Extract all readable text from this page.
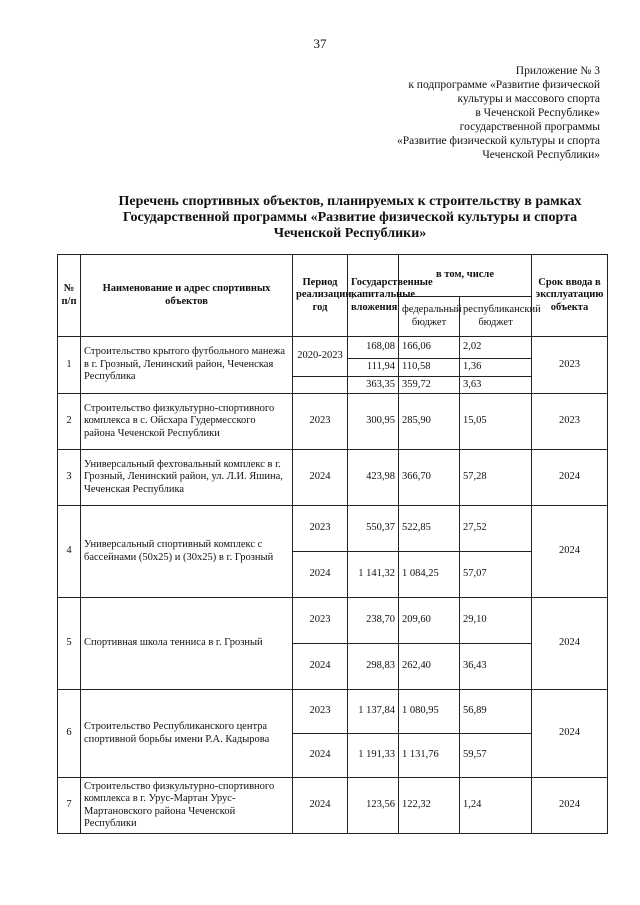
37
Приложение № 3
к подпрограмме «Развитие физической
культуры и массового спорта
в Чеченской Республике»
государственной программы
«Развитие физической культуры и спорта
Чеченской Республики»
Перечень спортивных объектов, планируемых к строительству в рамках
Государственной программы «Развитие физической культуры и спорта
Чеченской Республики»
№ п/п	Наименование и адрес спортивных объектов	Период реализации, год	Государственные капитальные вложения	в том, числе		Срок ввода в эксплуатацию объекта
				федеральный бюджет	республиканский бюджет	
1	Строительство крытого футбольного манежа в г. Грозный, Ленинский район, Чеченская Республика	2020-2023	168,08	166,06	2,02	2023
			111,94	110,58	1,36	
			363,35	359,72	3,63	
2	Строительство физкультурно-спортивного комплекса в с. Ойсхара Гудермесского района Чеченской Республики	2023	300,95	285,90	15,05	2023
3	Универсальный фехтовальный комплекс в г. Грозный, Ленинский район, ул. Л.И. Яшина, Чеченская Республика	2024	423,98	366,70	57,28	2024
4	Универсальный спортивный комплекс с бассейнами (50x25) и (30x25) в г. Грозный	2023	550,37	522,85	27,52	2024
		2024	1 141,32	1 084,25	57,07	
5	Спортивная школа тенниса в г. Грозный	2023	238,70	209,60	29,10	2024
		2024	298,83	262,40	36,43	
6	Строительство Республиканского центра спортивной борьбы имени Р.А. Кадырова	2023	1 137,84	1 080,95	56,89	2024
		2024	1 191,33	1 131,76	59,57	
7	Строительство физкультурно-спортивного комплекса в г. Урус-Мартан Урус-Мартановского района Чеченской Республики	2024	123,56	122,32	1,24	2024
